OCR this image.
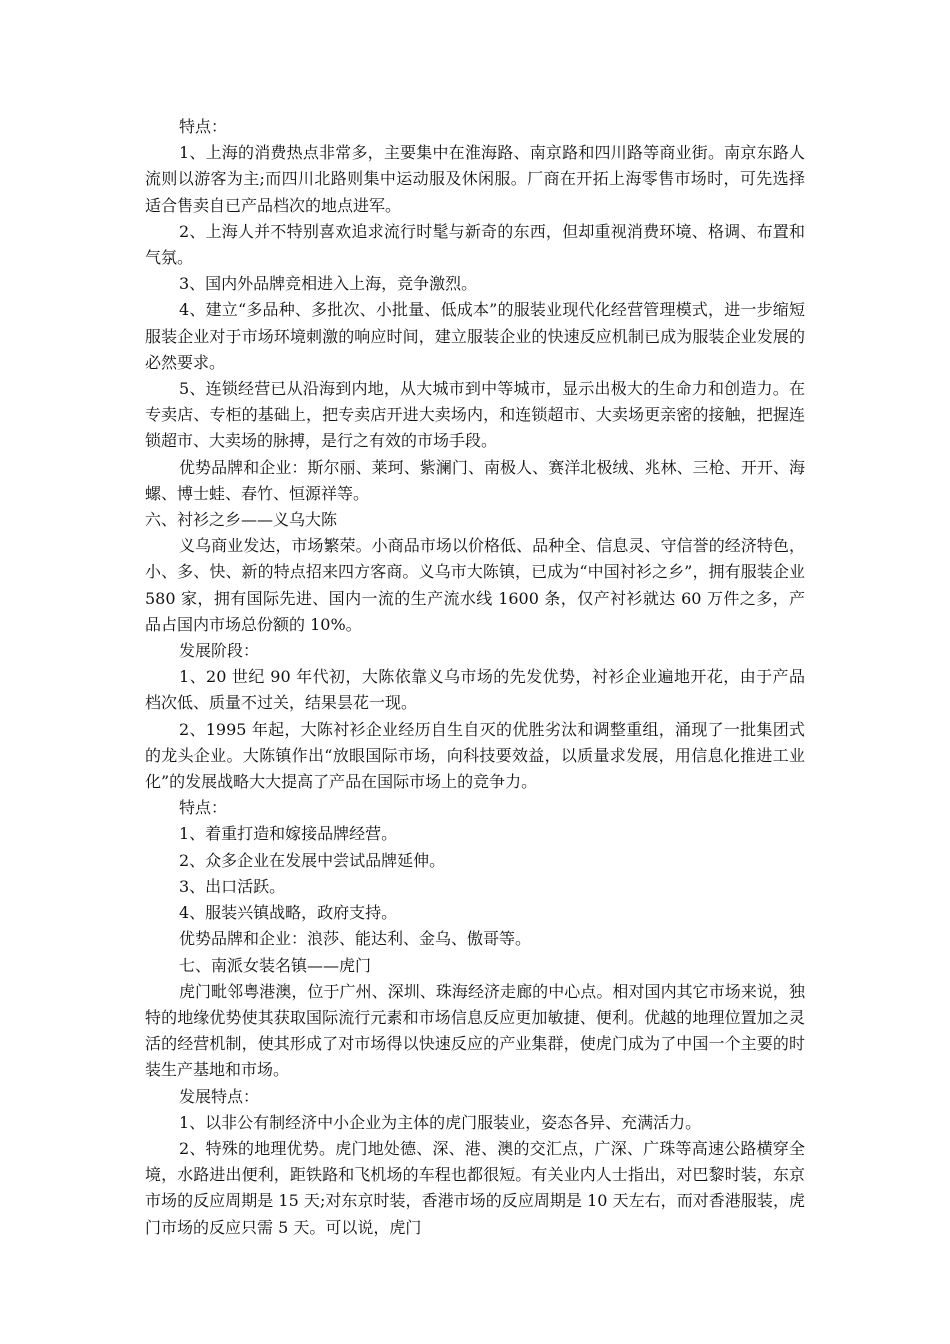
特点：

1、上海的消费热点非常多，主要集中在淮海路、南京路和四川路等商业街。南京东路人流则以游客为主;而四川北路则集中运动服及休闲服。厂商在开拓上海零售市场时，可先选择适合售卖自已产品档次的地点进军。

2、上海人并不特别喜欢追求流行时髦与新奇的东西，但却重视消费环境、格调、布置和气氛。

3、国内外品牌竞相进入上海，竞争激烈。

4、建立“多品种、多批次、小批量、低成本”的服装业现代化经营管理模式，进一步缩短服装企业对于市场环境刺激的响应时间，建立服装企业的快速反应机制已成为服装企业发展的必然要求。

5、连锁经营已从沿海到内地，从大城市到中等城市，显示出极大的生命力和创造力。在专卖店、专柜的基础上，把专卖店开进大卖场内，和连锁超市、大卖场更亲密的接触，把握连锁超市、大卖场的脉搏，是行之有效的市场手段。

优势品牌和企业：斯尔丽、莱珂、紫澜门、南极人、赛洋北极绒、兆林、三枪、开开、海螺、博士蛙、春竹、恒源祥等。

六、衬衫之乡——义乌大陈

义乌商业发达，市场繁荣。小商品市场以价格低、品种全、信息灵、守信誉的经济特色，小、多、快、新的特点招来四方客商。义乌市大陈镇，已成为“中国衬衫之乡”，拥有服装企业 580 家，拥有国际先进、国内一流的生产流水线 1600 条，仅产衬衫就达 60 万件之多，产品占国内市场总份额的 10%。

发展阶段：

1、20 世纪 90 年代初，大陈依靠义乌市场的先发优势，衬衫企业遍地开花，由于产品档次低、质量不过关，结果昙花一现。

2、1995 年起，大陈衬衫企业经历自生自灭的优胜劣汰和调整重组，涌现了一批集团式的龙头企业。大陈镇作出“放眼国际市场，向科技要效益，以质量求发展，用信息化推进工业化”的发展战略大大提高了产品在国际市场上的竞争力。

特点：

1、着重打造和嫁接品牌经营。

2、众多企业在发展中尝试品牌延伸。

3、出口活跃。

4、服装兴镇战略，政府支持。

优势品牌和企业：浪莎、能达利、金乌、傲哥等。

七、南派女装名镇——虎门

虎门毗邻粤港澳，位于广州、深圳、珠海经济走廊的中心点。相对国内其它市场来说，独特的地缘优势使其获取国际流行元素和市场信息反应更加敏捷、便利。优越的地理位置加之灵活的经营机制，使其形成了对市场得以快速反应的产业集群，使虎门成为了中国一个主要的时装生产基地和市场。

发展特点：

1、以非公有制经济中小企业为主体的虎门服装业，姿态各异、充满活力。

2、特殊的地理优势。虎门地处德、深、港、澳的交汇点，广深、广珠等高速公路横穿全境，水路进出便利，距铁路和飞机场的车程也都很短。有关业内人士指出，对巴黎时装，东京市场的反应周期是 15 天;对东京时装，香港市场的反应周期是 10 天左右，而对香港服装，虎门市场的反应只需 5 天。可以说，虎门
